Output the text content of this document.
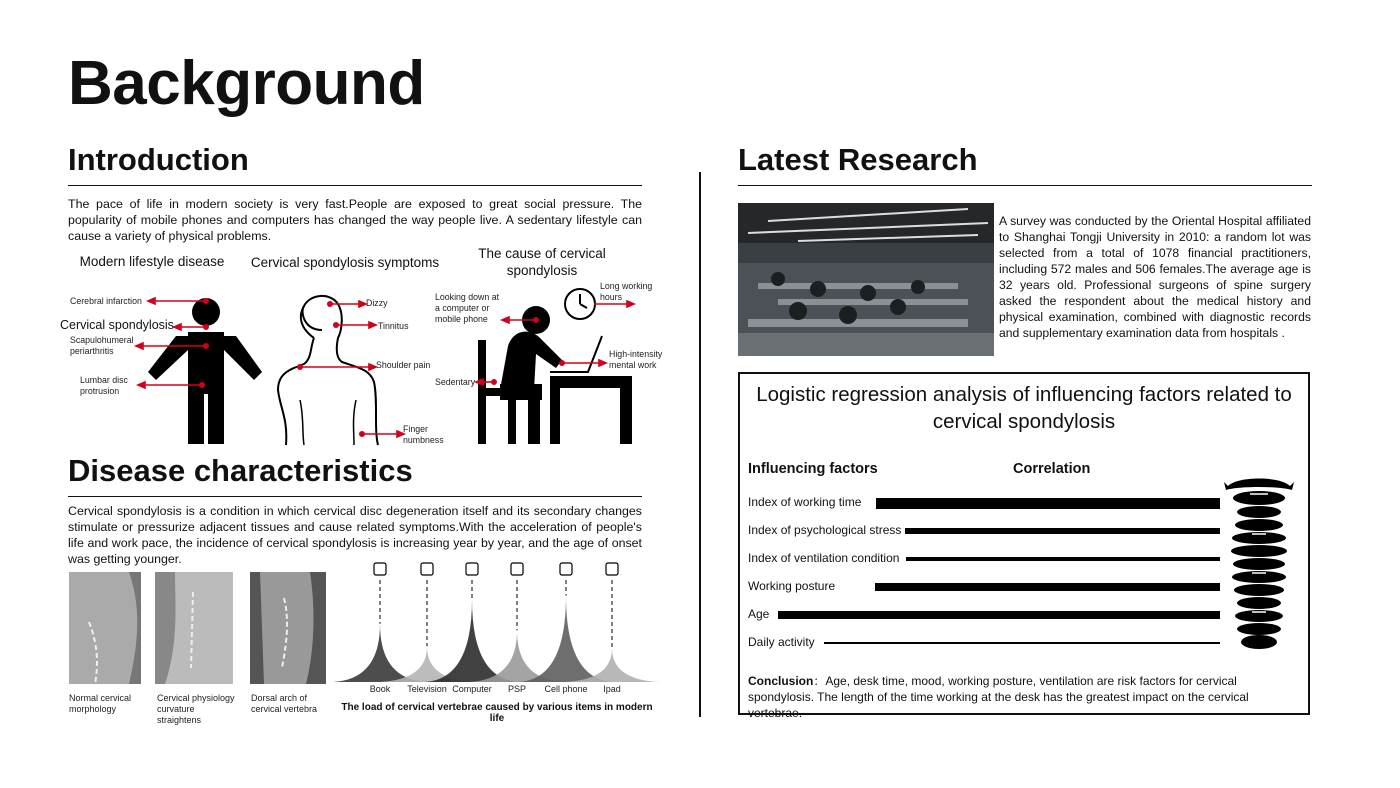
Background
Introduction

The pace of life in modern society is very fast.People are exposed to great social pressure. The popularity of mobile phones and computers has changed the way people live. A sedentary lifestyle can cause a variety of physical problems.

Modern lifestyle disease	Cervical spondylosis symptoms
The cause of cervical spondylosis
Cerebral infarction
Cervical spondylosis
Scapulohumeral periarthritis
Lumbar disc protrusion
Dizzy
Tinnitus
Shoulder pain
Finger numbness
Looking down at a computer or mobile phone
Long working hours
High-intensity mental work
Sedentary
Disease characteristics

Cervical spondylosis is a condition in which cervical disc degeneration itself and its secondary changes stimulate or pressurize adjacent tissues and cause related symptoms.With the acceleration of people's life and work pace, the incidence of cervical spondylosis is increasing year by year, and the age of onset was getting younger.

Normal cervical morphology
Cervical physiology curvature straightens
Dorsal arch of cervical vertebra
Book	Television Computer	PSP	Cell phone	Ipad
The load of cervical vertebrae caused by various items in modern life
Latest Research

A survey was conducted by the Oriental Hospital affiliated to Shanghai Tongji University in 2010: a random lot was selected from a total of 1078 financial practitioners, including 572 males and 506 females.The average age is 32 years old. Professional surgeons of spine surgery asked the respondent about the medical history and physical examination, combined with diagnostic records and supplementary examination data from hospitals .

Logistic regression analysis of influencing factors related to cervical spondylosis
Influencing factors	Correlation
Index of working time
Index of psychological stress
Index of ventilation condition
Working posture
Age
Daily activity
Conclusion：Age, desk time, mood, working posture, ventilation are risk factors for cervical spondylosis. The length of the time working at the desk has the greatest impact on the cervical vertebrae.
